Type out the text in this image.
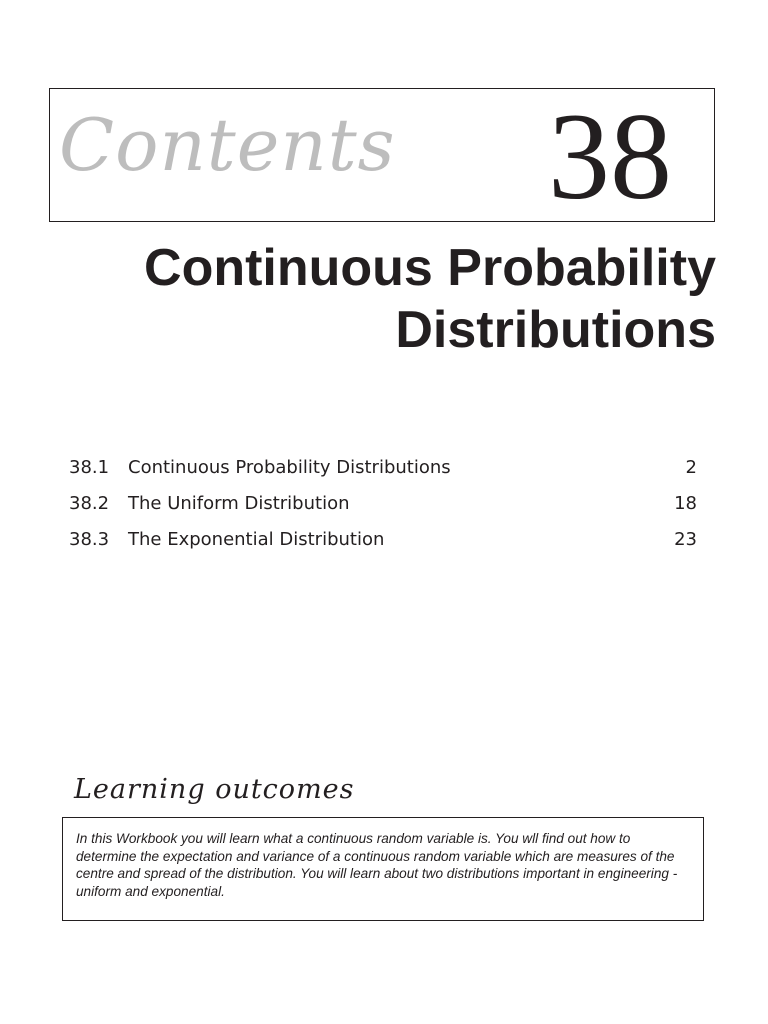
Contents 38
Continuous Probability
Distributions
38.1 Continuous Probability Distributions	2
38.2 The Uniform Distribution	18
38.3 The Exponential Distribution	23
Learning outcomes

In this Workbook you will learn what a continuous random variable is. You wll find out how to determine the expectation and variance of a continuous random variable which are measures of the centre and spread of the distribution. You will learn about two distributions important in engineering - uniform and exponential.
